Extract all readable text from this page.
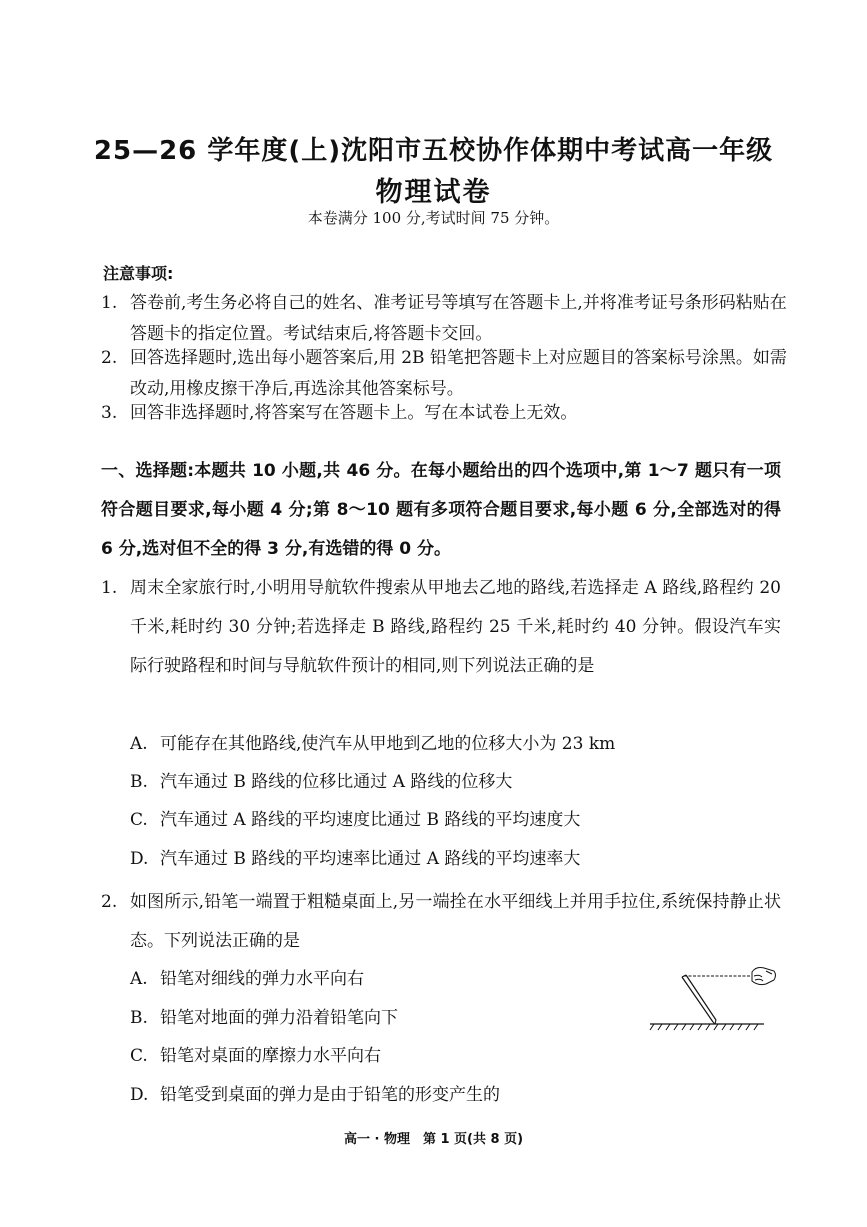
25—26 学年度(上)沈阳市五校协作体期中考试高一年级
物理试卷
本卷满分 100 分,考试时间 75 分钟。
注意事项:
1. 答卷前,考生务必将自己的姓名、准考证号等填写在答题卡上,并将准考证号条形码粘贴在答题卡的指定位置。考试结束后,将答题卡交回。
2. 回答选择题时,选出每小题答案后,用 2B 铅笔把答题卡上对应题目的答案标号涂黑。如需改动,用橡皮擦干净后,再选涂其他答案标号。
3. 回答非选择题时,将答案写在答题卡上。写在本试卷上无效。
一、选择题:本题共 10 小题,共 46 分。在每小题给出的四个选项中,第 1～7 题只有一项符合题目要求,每小题 4 分;第 8～10 题有多项符合题目要求,每小题 6 分,全部选对的得 6 分,选对但不全的得 3 分,有选错的得 0 分。
1. 周末全家旅行时,小明用导航软件搜索从甲地去乙地的路线,若选择走 A 路线,路程约 20 千米,耗时约 30 分钟;若选择走 B 路线,路程约 25 千米,耗时约 40 分钟。假设汽车实际行驶路程和时间与导航软件预计的相同,则下列说法正确的是
A. 可能存在其他路线,使汽车从甲地到乙地的位移大小为 23 km
B. 汽车通过 B 路线的位移比通过 A 路线的位移大
C. 汽车通过 A 路线的平均速度比通过 B 路线的平均速度大
D. 汽车通过 B 路线的平均速率比通过 A 路线的平均速率大
2. 如图所示,铅笔一端置于粗糙桌面上,另一端拴在水平细线上并用手拉住,系统保持静止状态。下列说法正确的是
A. 铅笔对细线的弹力水平向右
B. 铅笔对地面的弹力沿着铅笔向下
C. 铅笔对桌面的摩擦力水平向右
D. 铅笔受到桌面的弹力是由于铅笔的形变产生的
高一 · 物理　第 1 页(共 8 页)
